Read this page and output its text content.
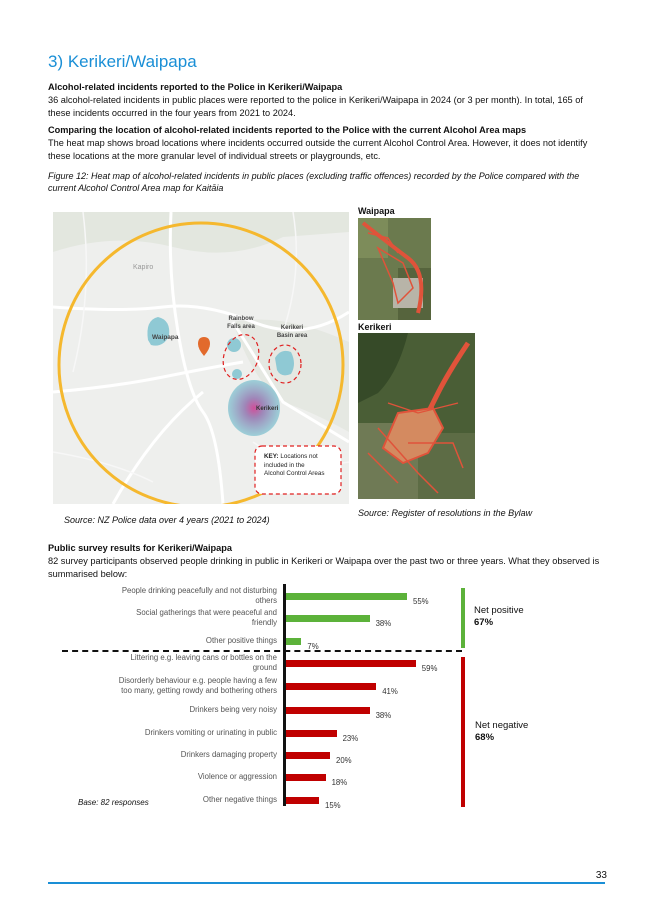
3) Kerikeri/Waipapa
Alcohol-related incidents reported to the Police in Kerikeri/Waipapa
36 alcohol-related incidents in public places were reported to the police in Kerikeri/Waipapa in 2024 (or 3 per month). In total, 165 of these incidents occurred in the four years from 2021 to 2024.
Comparing the location of alcohol-related incidents reported to the Police with the current Alcohol Area maps
The heat map shows broad locations where incidents occurred outside the current Alcohol Control Area. However, it does not identify these locations at the more granular level of individual streets or playgrounds, etc.
Figure 12: Heat map of alcohol-related incidents in public places (excluding traffic offences) recorded by the Police compared with the current Alcohol Control Area map for Kaitāia
Kapiro
Waipapa
Rainbow
Falls area	Kerikeri
Basin area
Kerikeri
KEY: Locations not
included in the
Alcohol Control Areas
Waipapa
Kerikeri
Source: NZ Police data over 4 years (2021 to 2024)
Source: Register of resolutions in the Bylaw
Public survey results for Kerikeri/Waipapa
82 survey participants observed people drinking in public in Kerikeri or Waipapa over the past two or three years. What they observed is summarised below:
Net positive
67%
Net negative
68%
Base: 82 responses
33
People drinking peacefully and not disturbing
others	55%
Social gatherings that were peaceful and
friendly	38%
Other positive things
7%
Littering e.g. leaving cans or bottles on the
ground	59%
Disorderly behaviour e.g. people having a few
too many, getting rowdy and bothering others	41%
Drinkers being very noisy
38%
Drinkers vomiting or urinating in public
23%
Drinkers damaging property
20%
Violence or aggression
18%
Other negative things
15%
